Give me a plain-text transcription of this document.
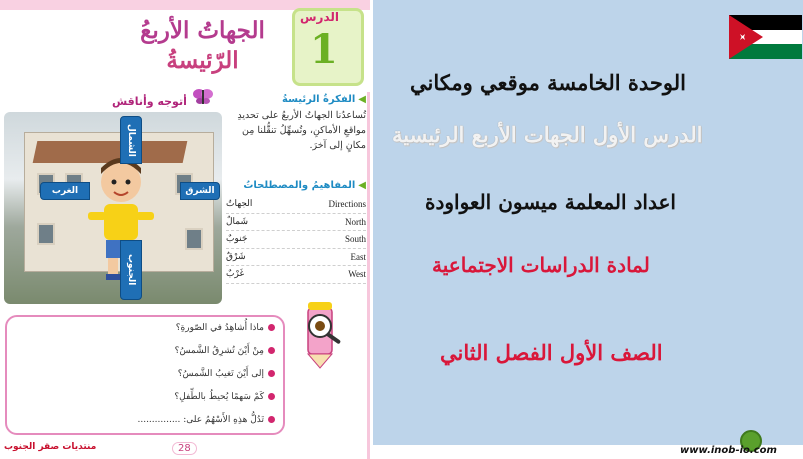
الدرس
1
الجهاتُ الأربعُ
الرّئيسةُ
أتوجه وأناقش
الشمال
الجنوب
الغرب	الشرق
◀الفكرةُ الرئيسةُ
تُساعدُنا الجهاتُ الأربعُ على تحديدِ مواقعِ الأماكنِ، وتُسهِّلُ تنقُّلنا مِن مكانٍ إلى آخرَ.
◀المفاهيمُ والمصطلحاتُ
الجهاتُ	Directions
شَمالٌ	North
جَنوبٌ	South
شَرْقٌ	East
غَرْبٌ	West
ماذا أُشاهِدُ في الصّورةِ؟
مِنْ أَيْنَ تُشرِقُ الشَّمسُ؟
إلى أَيْنَ تَغيبُ الشَّمسُ؟
كَمْ سَهمًا يُحيطُ بالطِّفلِ؟
تَدُلُّ هذِهِ الأَسْهُمُ على: ...............
28
منتديات صقر الجنوب
الوحدة الخامسة موقعي ومكاني
الدرس الأول الجهات الأربع الرئيسية
اعداد المعلمة ميسون العواودة
لمادة الدراسات الاجتماعية
الصف الأول الفصل الثاني
www.inob-io.com
